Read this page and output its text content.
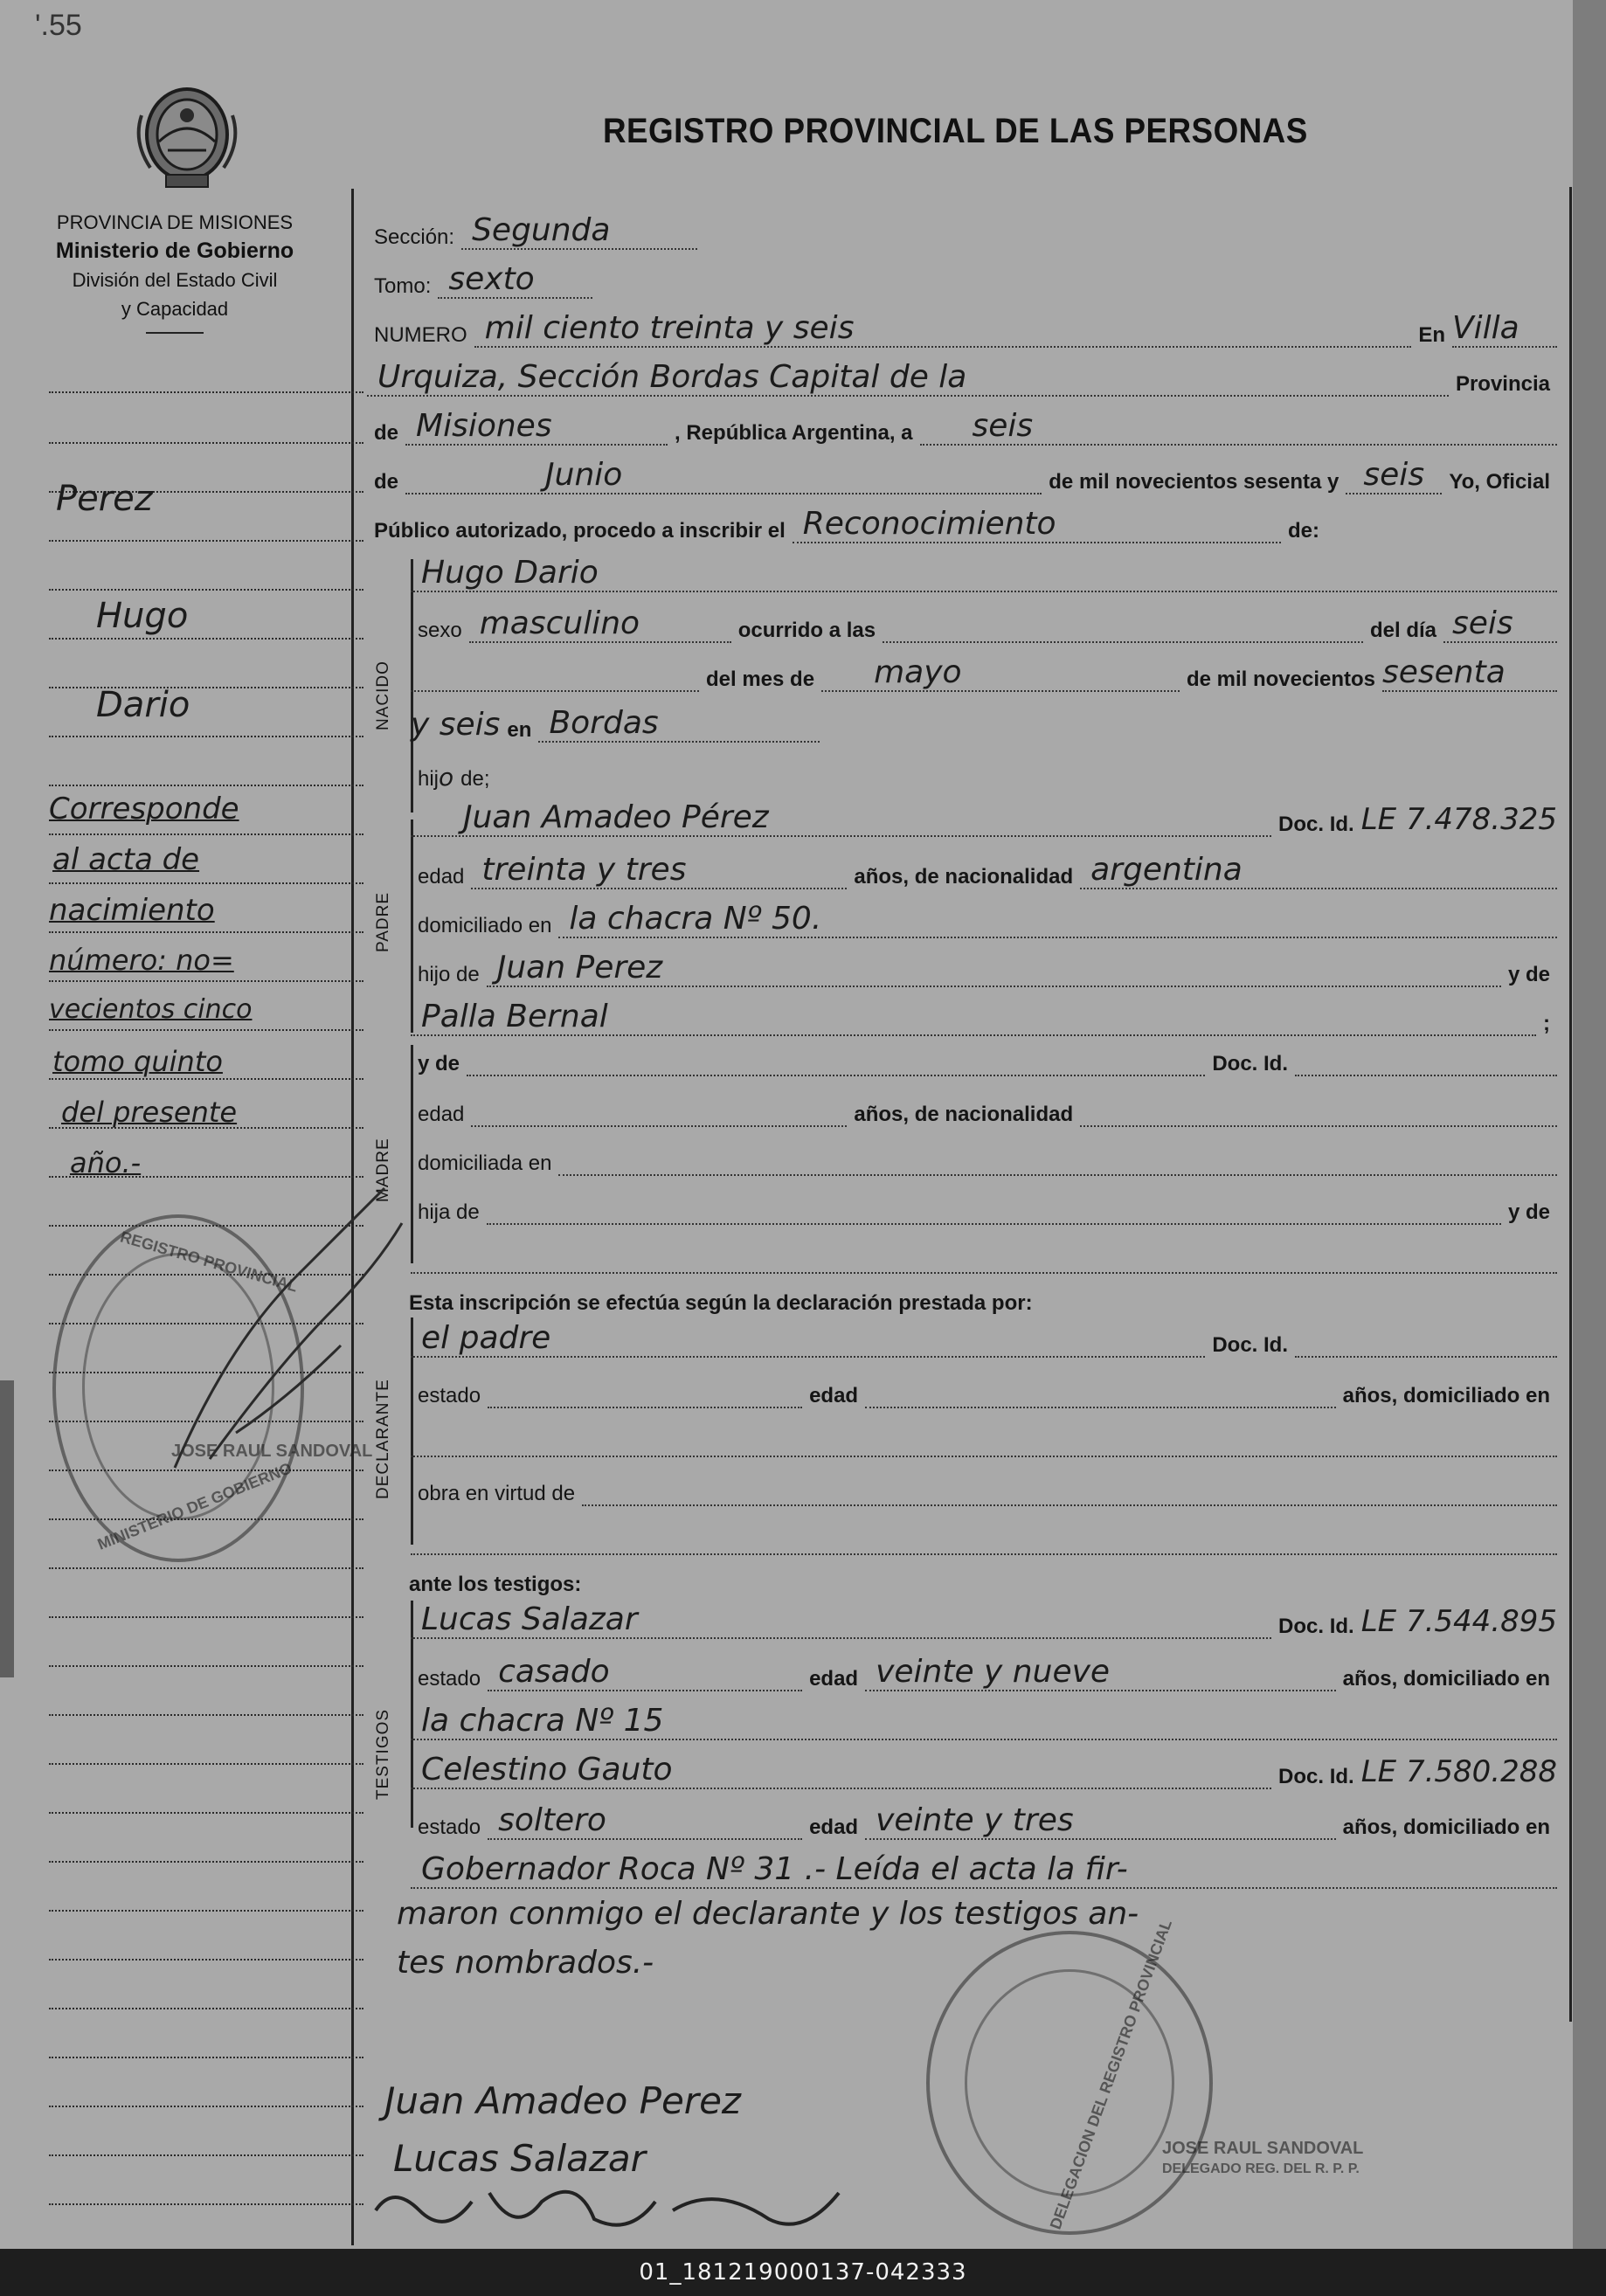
'.55
PROVINCIA DE MISIONES
Ministerio de Gobierno
División del Estado Civil
y Capacidad
REGISTRO PROVINCIAL DE LAS PERSONAS
Perez
Hugo
Dario
Corresponde
al acta de
nacimiento
número: no=
vecientos cinco
tomo quinto
del presente
año.-
Sección: Segunda
Tomo: sexto
NUMERO mil ciento treinta y seis	En Villa
Urquiza, Sección Bordas Capital de la	Provincia
de Misiones	, República Argentina, a seis
de	Junio	de mil novecientos sesenta y seis	Yo, Oficial
Público autorizado, procedo a inscribir el Reconocimiento	de:
NACIDO
Hugo Dario
sexo masculino	ocurrido a las	del día seis
del mes de mayo	de mil novecientos sesenta
y seis en Bordas
hij o de;
PADRE
Juan Amadeo Pérez	Doc. Id. LE 7.478.325
edad treinta y tres	años, de nacionalidad argentina
domiciliado en la chacra Nº 50.
hijo de Juan Perez	y de
Palla Bernal	;
MADRE
y de	Doc. Id.
edad	años, de nacionalidad
domiciliada en
hija de	y de
Esta inscripción se efectúa según la declaración prestada por:
DECLARANTE
el padre	Doc. Id.
estado	edad	años, domiciliado en
obra en virtud de
ante los testigos:
TESTIGOS
Lucas Salazar	Doc. Id. LE 7.544.895
estado casado	edad veinte y nueve	años, domiciliado en
la chacra Nº 15
Celestino Gauto	Doc. Id. LE 7.580.288
estado soltero	edad veinte y tres	años, domiciliado en
Gobernador Roca Nº 31 .- Leída el acta la fir-
maron conmigo el declarante y los testigos an-
tes nombrados.-
Juan Amadeo Perez
Lucas Salazar
REGISTRO PROVINCIAL
MINISTERIO DE GOBIERNO
JOSE RAUL SANDOVAL
DELEGACION DEL REGISTRO PROVINCIAL
JOSE RAUL SANDOVAL
DELEGADO REG. DEL R. P. P.
01_181219000137-042333
